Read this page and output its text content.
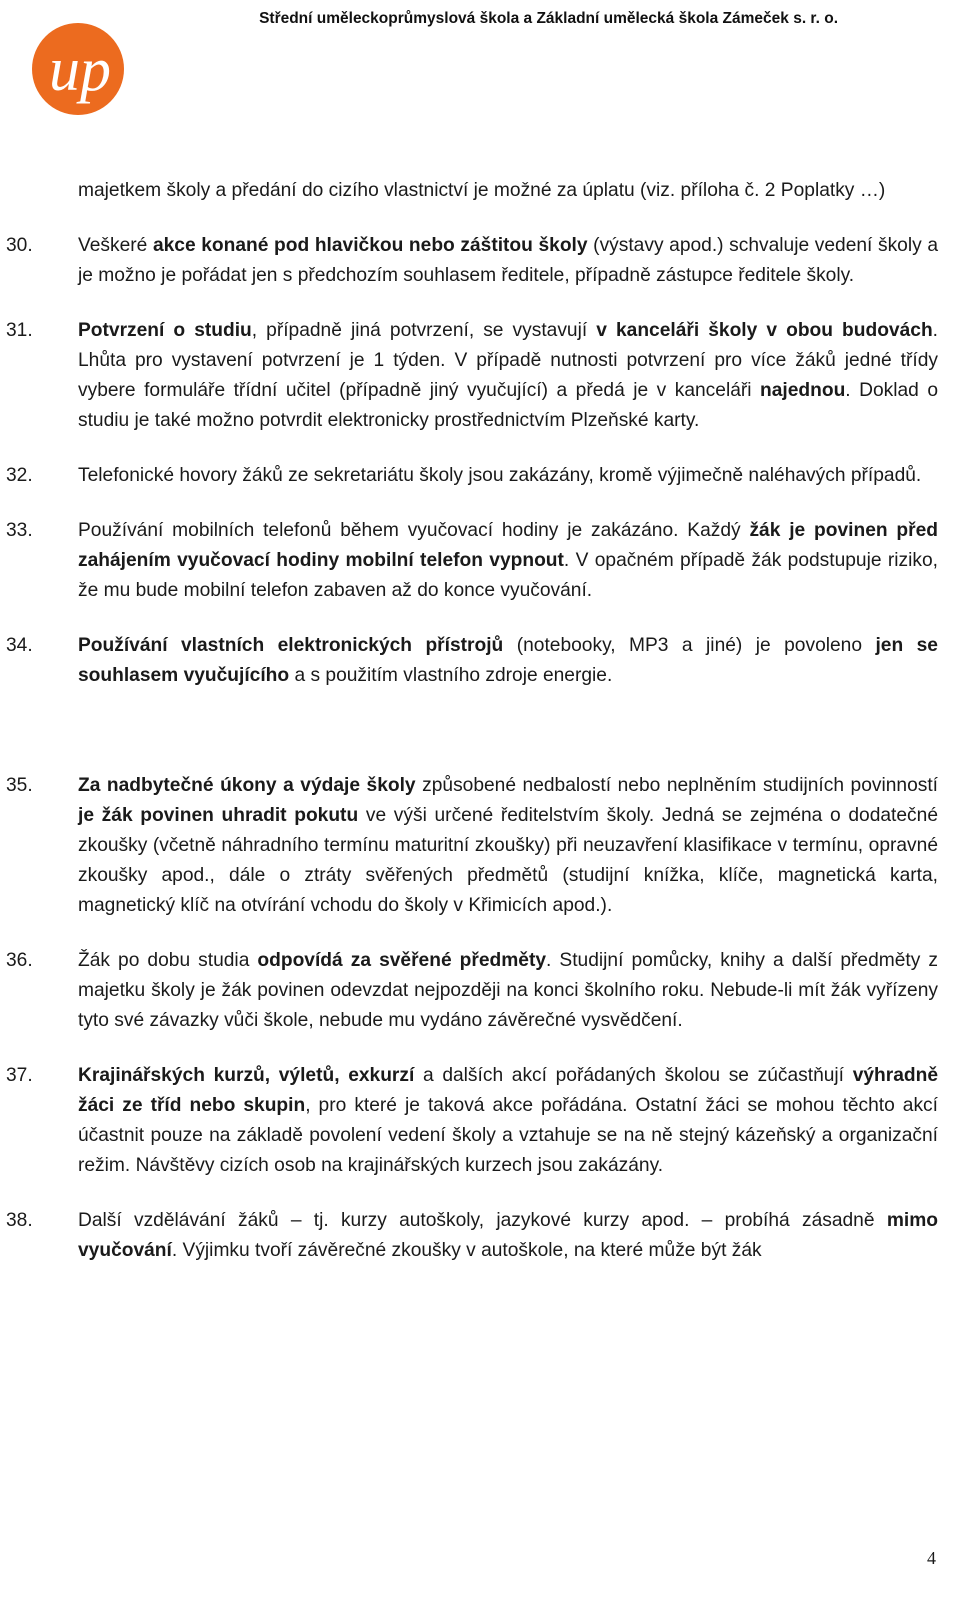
up
Střední uměleckoprůmyslová škola a Základní umělecká škola Zámeček s. r. o.

majetkem školy a předání do cizího vlastnictví je možné za úplatu (viz. příloha č. 2 Poplatky …)

30.	Veškeré akce konané pod hlavičkou nebo záštitou školy (výstavy apod.) schvaluje vedení školy a je možno je pořádat jen s předchozím souhlasem ředitele, případně zástupce ředitele školy.

31.	Potvrzení o studiu, případně jiná potvrzení, se vystavují v kanceláři školy v obou budovách. Lhůta pro vystavení potvrzení je 1 týden. V případě nutnosti potvrzení pro více žáků jedné třídy vybere formuláře třídní učitel (případně jiný vyučující) a předá je v kanceláři najednou. Doklad o studiu je také možno potvrdit elektronicky prostřednictvím Plzeňské karty.

32.	Telefonické hovory žáků ze sekretariátu školy jsou zakázány, kromě výjimečně naléhavých případů.

33.	Používání mobilních telefonů během vyučovací hodiny je zakázáno. Každý žák je povinen před zahájením vyučovací hodiny mobilní telefon vypnout. V opačném případě žák podstupuje riziko, že mu bude mobilní telefon zabaven až do konce vyučování.

34.	Používání vlastních elektronických přístrojů (notebooky, MP3 a jiné) je povoleno jen se souhlasem vyučujícího a s použitím vlastního zdroje energie.

35.	Za nadbytečné úkony a výdaje školy způsobené nedbalostí nebo neplněním studijních povinností je žák povinen uhradit pokutu ve výši určené ředitelstvím školy. Jedná se zejména o dodatečné zkoušky (včetně náhradního termínu maturitní zkoušky) při neuzavření klasifikace v termínu, opravné zkoušky apod., dále o ztráty svěřených předmětů (studijní knížka, klíče, magnetická karta, magnetický klíč na otvírání vchodu do školy v Křimicích apod.).

36.	Žák po dobu studia odpovídá za svěřené předměty. Studijní pomůcky, knihy a další předměty z majetku školy je žák povinen odevzdat nejpozději na konci školního roku. Nebude-li mít žák vyřízeny tyto své závazky vůči škole, nebude mu vydáno závěrečné vysvědčení.

37.	Krajinářských kurzů, výletů, exkurzí a dalších akcí pořádaných školou se zúčastňují výhradně žáci ze tříd nebo skupin, pro které je taková akce pořádána. Ostatní žáci se mohou těchto akcí účastnit pouze na základě povolení vedení školy a vztahuje se na ně stejný kázeňský a organizační režim. Návštěvy cizích osob na krajinářských kurzech jsou zakázány.

38.	Další vzdělávání žáků – tj. kurzy autoškoly, jazykové kurzy apod. – probíhá zásadně mimo vyučování. Výjimku tvoří závěrečné zkoušky v autoškole, na které může být žák

4
